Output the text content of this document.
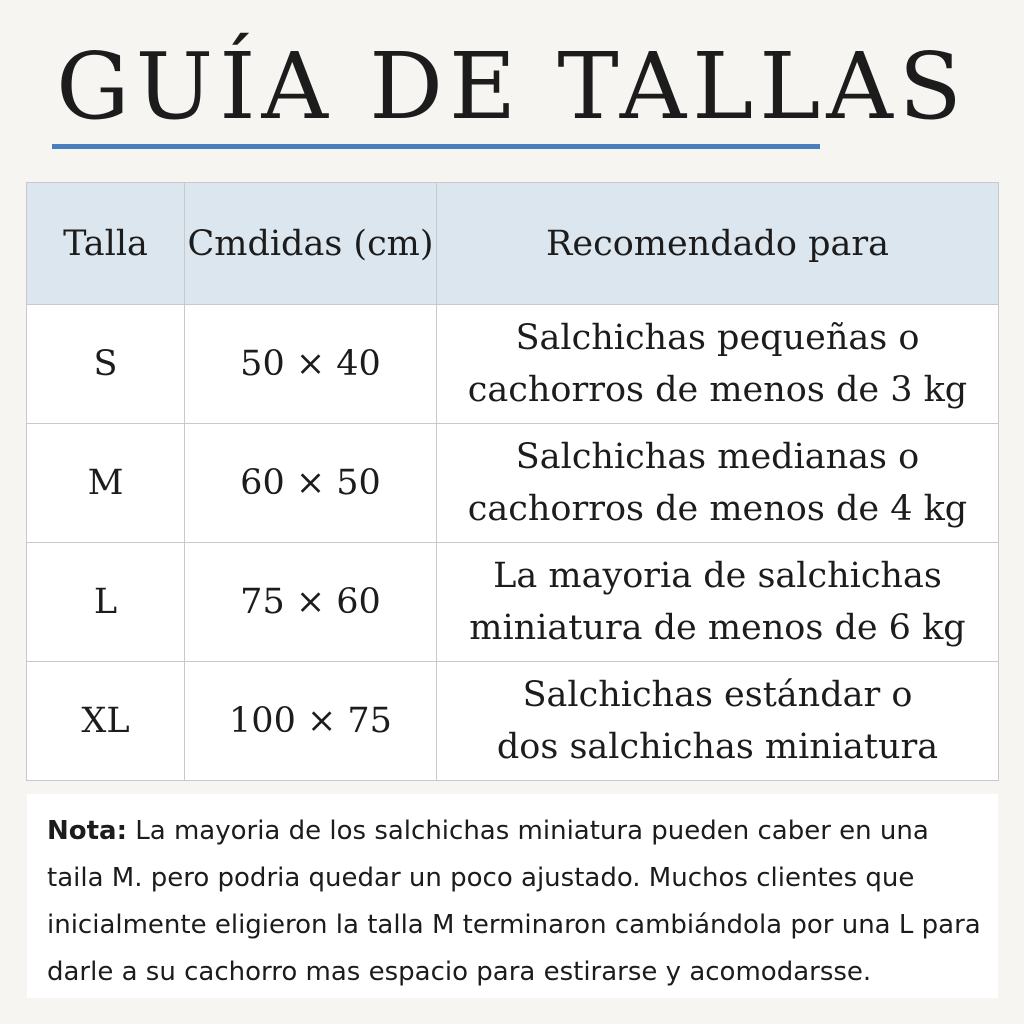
GUÍA DE TALLAS
Talla	Cmdidas (cm)	Recomendado para
S	50 × 40	Salchichas pequeñas o
cachorros de menos de 3 kg

M	60 × 50	Salchichas medianas o
cachorros de menos de 4 kg

L	75 × 60	La mayoria de salchichas
miniatura de menos de 6 kg

XL	100 × 75	Salchichas estándar o
dos salchichas miniatura
Nota: La mayoria de los salchichas miniatura pueden caber en una taila M. pero podria quedar un poco ajustado. Muchos clientes que inicialmente eligieron la talla M terminaron cambiándola por una L para darle a su cachorro mas espacio para estirarse y acomodarsse.
